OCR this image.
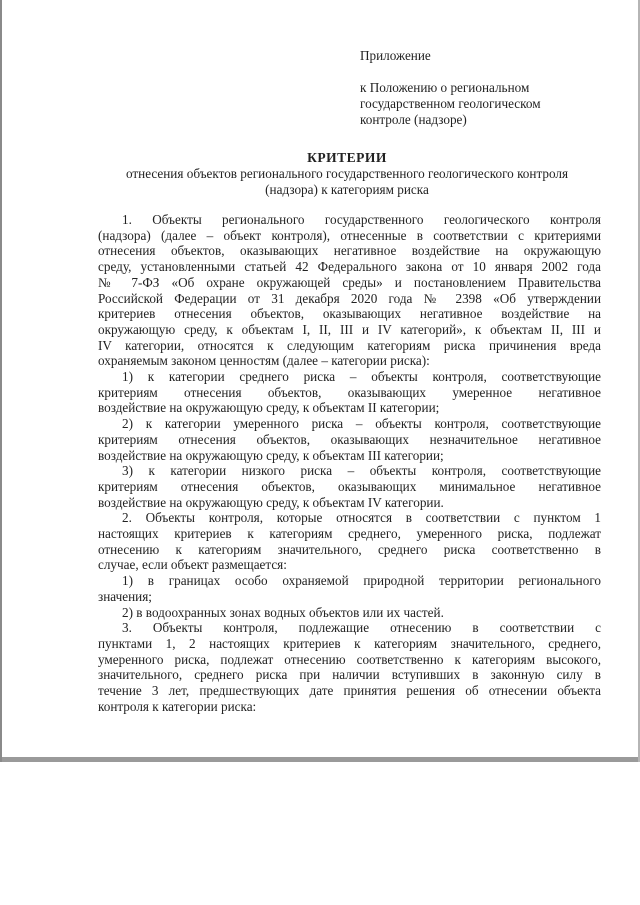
Приложение
к Положению о региональном
государственном геологическом
контроле (надзоре)
КРИТЕРИИ
отнесения объектов регионального государственного геологического контроля
(надзора) к категориям риска
1. Объекты регионального государственного геологического контроля
(надзора) (далее – объект контроля), отнесенные в соответствии с критериями
отнесения объектов, оказывающих негативное воздействие на окружающую
среду, установленными статьей 42 Федерального закона от 10 января 2002 года
№ 7-ФЗ «Об охране окружающей среды» и постановлением Правительства
Российской Федерации от 31 декабря 2020 года № 2398 «Об утверждении
критериев отнесения объектов, оказывающих негативное воздействие на
окружающую среду, к объектам I, II, III и IV категорий», к объектам II, III и
IV категории, относятся к следующим категориям риска причинения вреда
охраняемым законом ценностям (далее – категории риска):
1) к категории среднего риска – объекты контроля, соответствующие
критериям отнесения объектов, оказывающих умеренное негативное
воздействие на окружающую среду, к объектам II категории;
2) к категории умеренного риска – объекты контроля, соответствующие
критериям отнесения объектов, оказывающих незначительное негативное
воздействие на окружающую среду, к объектам III категории;
3) к категории низкого риска – объекты контроля, соответствующие
критериям отнесения объектов, оказывающих минимальное негативное
воздействие на окружающую среду, к объектам IV категории.
2. Объекты контроля, которые относятся в соответствии с пунктом 1
настоящих критериев к категориям среднего, умеренного риска, подлежат
отнесению к категориям значительного, среднего риска соответственно в
случае, если объект размещается:
1) в границах особо охраняемой природной территории регионального
значения;
2) в водоохранных зонах водных объектов или их частей.
3. Объекты контроля, подлежащие отнесению в соответствии с
пунктами 1, 2 настоящих критериев к категориям значительного, среднего,
умеренного риска, подлежат отнесению соответственно к категориям высокого,
значительного, среднего риска при наличии вступивших в законную силу в
течение 3 лет, предшествующих дате принятия решения об отнесении объекта
контроля к категории риска:
